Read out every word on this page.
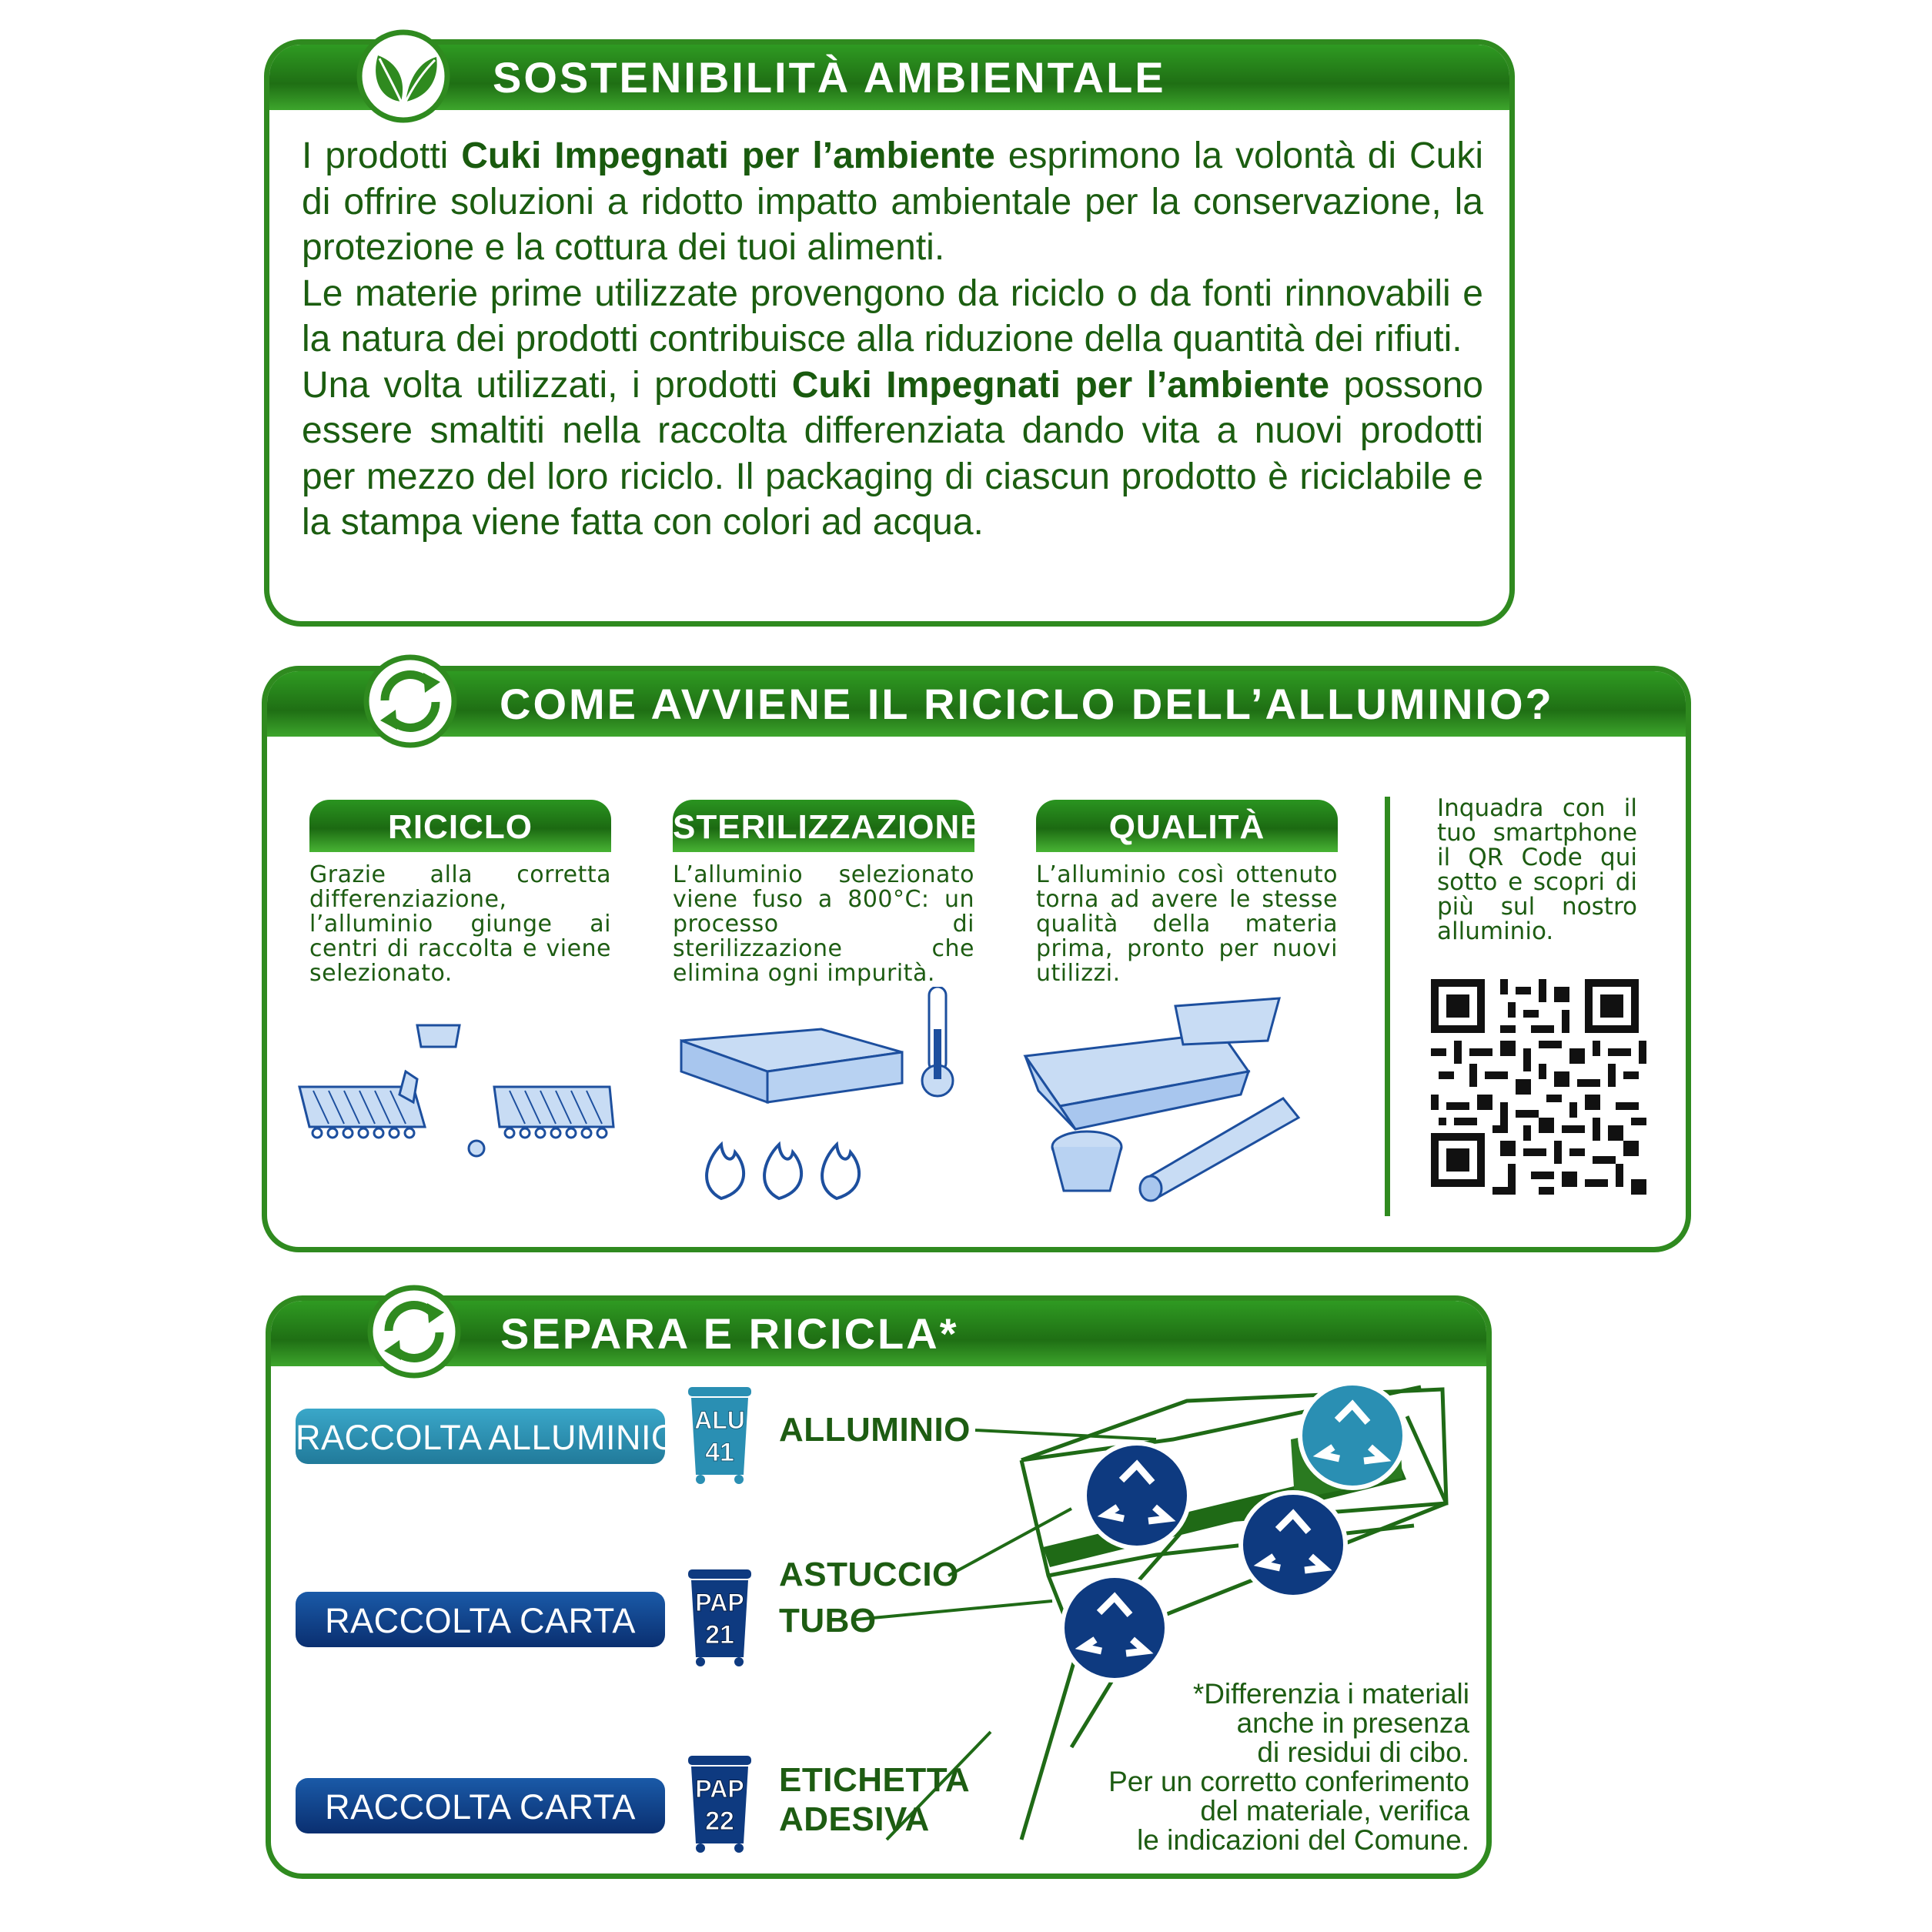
SOSTENIBILITÀ AMBIENTALE

I prodotti Cuki Impegnati per l’ambiente esprimono la volontà di Cuki di offrire soluzioni a ridotto impatto ambientale per la conservazione, la protezione e la cottura dei tuoi alimenti.

Le materie prime utilizzate provengono da riciclo o da fonti rinnovabili e la natura dei prodotti contribuisce alla riduzione della quantità dei rifiuti.

Una volta utilizzati, i prodotti Cuki Impegnati per l’ambiente possono essere smaltiti nella raccolta differenziata dando vita a nuovi prodotti per mezzo del loro riciclo. Il packaging di ciascun prodotto è riciclabile e la stampa viene fatta con colori ad acqua.

COME AVVIENE IL RICICLO DELL’ALLUMINIO?
RICICLO
Grazie alla corretta differenziazione, l’alluminio giunge ai centri di raccolta e viene selezionato.
STERILIZZAZIONE
L’alluminio selezionato viene fuso a 800°C: un processo di sterilizzazione che elimina ogni impurità.
QUALITÀ
L’alluminio così ottenuto torna ad avere le stesse qualità della materia prima, pronto per nuovi utilizzi.
Inquadra con il tuo smartphone il QR Code qui sotto e scopri di più sul nostro alluminio.
SEPARA E RICICLA*
RACCOLTA ALLUMINIO
RACCOLTA CARTA
RACCOLTA CARTA
ALU
41
PAP
21
PAP
22
ALLUMINIO
ASTUCCIO
TUBO
ETICHETTA
ADESIVA
*Differenzia i materiali
anche in presenza
di residui di cibo.
Per un corretto conferimento
del materiale, verifica
le indicazioni del Comune.
